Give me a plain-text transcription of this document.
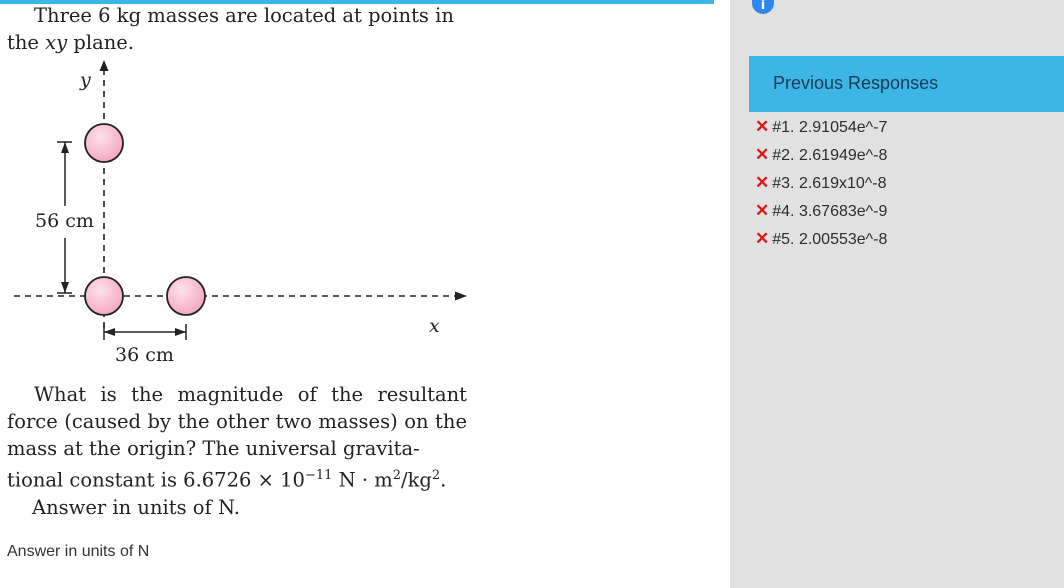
Three 6 kg masses are located at points in

the xy plane.

56 cm
36 cm
y
x

What is the magnitude of the resultant force (caused by the other two masses) on the mass at the origin? The universal gravita-

tional constant is $6.6726 \times 10^{-11}$ $N \cdot m^2/kg^2$.

Answer in units of N.

Answer in units of N
i
Previous Responses
✕ #1. 2.91054e^-7
✕ #2. 2.61949e^-8
✕ #3. 2.619x10^-8
✕ #4. 3.67683e^-9
✕ #5. 2.00553e^-8
